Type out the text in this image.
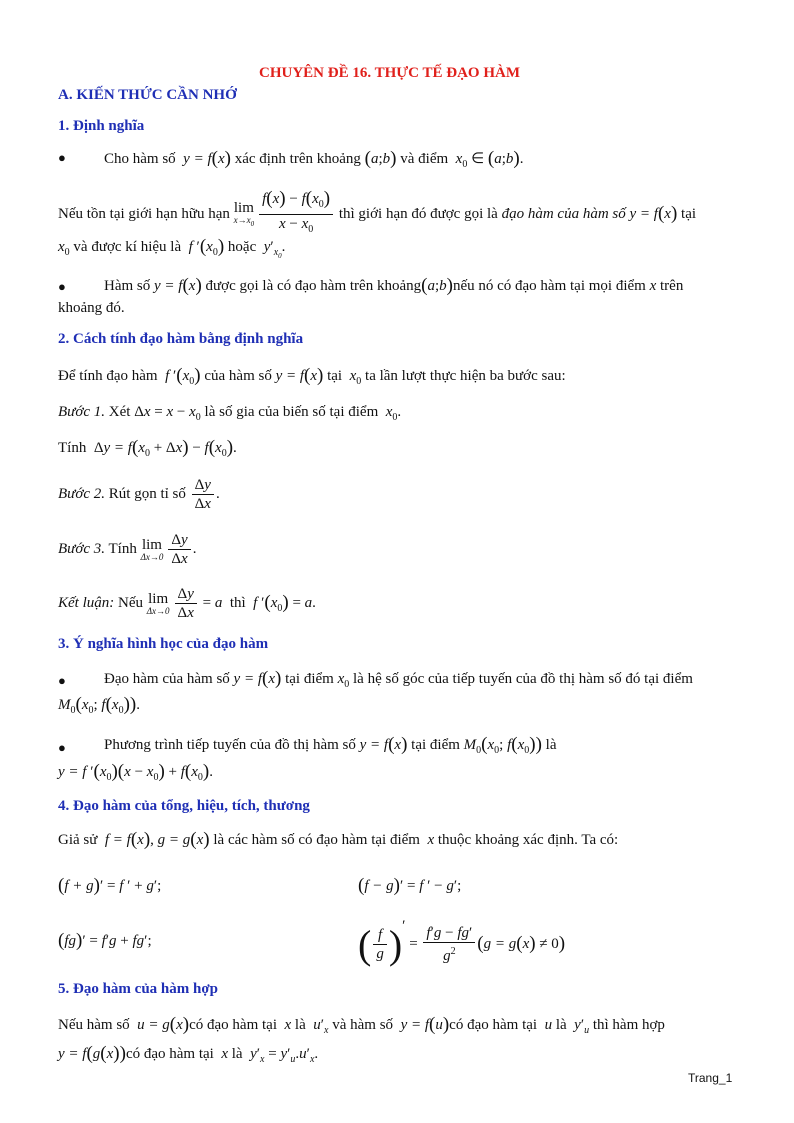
CHUYÊN ĐỀ 16. THỰC TẾ ĐẠO HÀM
A. KIẾN THỨC CẦN NHỚ
1. Định nghĩa
●	Cho hàm số  y = f(x) xác định trên khoảng (a;b) và điểm $x_0$ ∈ (a;b).
Nếu tồn tại giới hạn hữu hạn lim
$x\to x_0 \frac{f(x) - f(x_0)}{x - x_0}$ thì giới hạn đó được gọi là đạo hàm của hàm số y = f(x) tại
$x_0$ và được kí hiệu là f $'(x_0)$ hoặc $y'_{x_0}$.
●	Hàm số y = f(x) được gọi là có đạo hàm trên khoảng(a;b)nếu nó có đạo hàm tại mọi điểm x trên
khoảng đó.
2. Cách tính đạo hàm bằng định nghĩa
Để tính đạo hàm f $'(x_0)$ của hàm số y = f(x) tại $x_0$ ta lần lượt thực hiện ba bước sau:
Bước 1. Xét $\Delta x = x - x_0$ là số gia của biến số tại điểm $x_0$.
Tính  $\Delta y = f(x_0 + \Delta x) - f(x_0)$.
Bước 2. Rút gọn tỉ số $\frac{\Delta y}{\Delta x}$ .
Bước 3. Tính lim
$\Delta x\to 0 \frac{\Delta y}{\Delta x}$ .
Kết luận: Nếu lim
$\Delta x\to 0 \frac{\Delta y}{\Delta x} = a$ thì f $'(x_0) = a$.
3. Ý nghĩa hình học của đạo hàm
●	Đạo hàm của hàm số y = f(x) tại điểm $x_0$ là hệ số góc của tiếp tuyến của đồ thị hàm số đó tại điểm
$M_0(x_0$; $f(x_0)$).
●	Phương trình tiếp tuyến của đồ thị hàm số y = f(x) tại điểm $M_0(x_0$; $f(x_0)$) là
y = f $'(x_0)(x - x_0) + f(x_0)$.
4. Đạo hàm của tổng, hiệu, tích, thương
Giả sử f = f(x), g = g(x) là các hàm số có đạo hàm tại điểm x thuộc khoảng xác định. Ta có:
(f + g)′ = f ′ + g′;	(f − g)′ = f ′ − g′;
(fg)′ = f′g + fg′;	( $\frac{f}{g}$ )′ = $\frac{f'g - fg'}{g^2} (g = g(x) \ne 0)$
5. Đạo hàm của hàm hợp
Nếu hàm số u = g(x)có đạo hàm tại x là $u'_x$ và hàm số y = f(u)có đạo hàm tại u là $y'_u$ thì hàm hợp
y = f(g(x))có đạo hàm tại x là $y'_x = y'_u.u'_x$.
Trang_1
